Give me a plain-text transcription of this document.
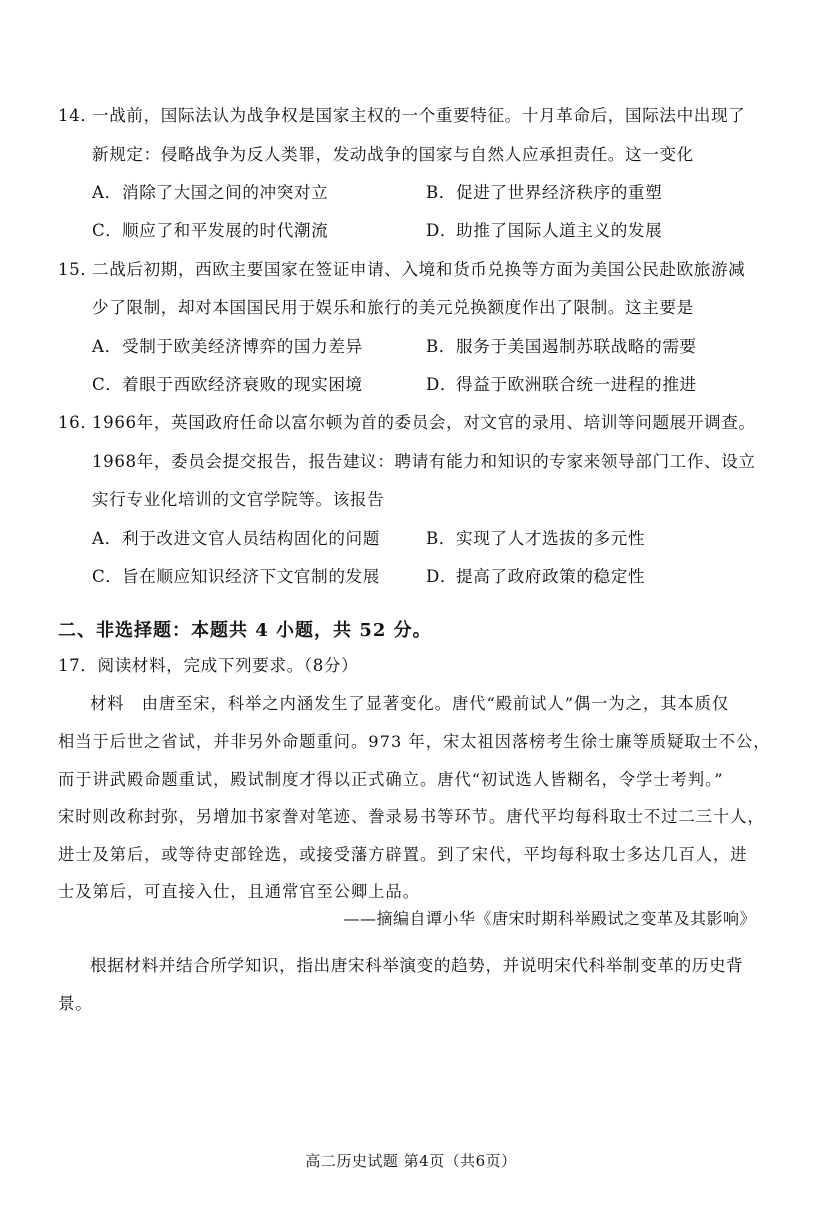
14．一战前，国际法认为战争权是国家主权的一个重要特征。十月革命后，国际法中出现了
新规定：侵略战争为反人类罪，发动战争的国家与自然人应承担责任。这一变化
A．消除了大国之间的冲突对立	B．促进了世界经济秩序的重塑
C．顺应了和平发展的时代潮流	D．助推了国际人道主义的发展
15．二战后初期，西欧主要国家在签证申请、入境和货币兑换等方面为美国公民赴欧旅游减
少了限制，却对本国国民用于娱乐和旅行的美元兑换额度作出了限制。这主要是
A．受制于欧美经济博弈的国力差异	B．服务于美国遏制苏联战略的需要
C．着眼于西欧经济衰败的现实困境	D．得益于欧洲联合统一进程的推进
16．1966年，英国政府任命以富尔顿为首的委员会，对文官的录用、培训等问题展开调查。
1968年，委员会提交报告，报告建议：聘请有能力和知识的专家来领导部门工作、设立
实行专业化培训的文官学院等。该报告
A．利于改进文官人员结构固化的问题	B．实现了人才选拔的多元性
C．旨在顺应知识经济下文官制的发展	D．提高了政府政策的稳定性
二、非选择题：本题共 4 小题，共 52 分。
17．阅读材料，完成下列要求。（8分）
材料　由唐至宋，科举之内涵发生了显著变化。唐代“殿前试人”偶一为之，其本质仅
相当于后世之省试，并非另外命题重问。973 年，宋太祖因落榜考生徐士廉等质疑取士不公，
而于讲武殿命题重试，殿试制度才得以正式确立。唐代“初试选人皆糊名，令学士考判。”
宋时则改称封弥，另增加书家誊对笔迹、誊录易书等环节。唐代平均每科取士不过二三十人，
进士及第后，或等待吏部铨选，或接受藩方辟置。到了宋代，平均每科取士多达几百人，进
士及第后，可直接入仕，且通常官至公卿上品。
——摘编自谭小华《唐宋时期科举殿试之变革及其影响》
根据材料并结合所学知识，指出唐宋科举演变的趋势，并说明宋代科举制变革的历史背
景。
高二历史试题 第4页（共6页）
